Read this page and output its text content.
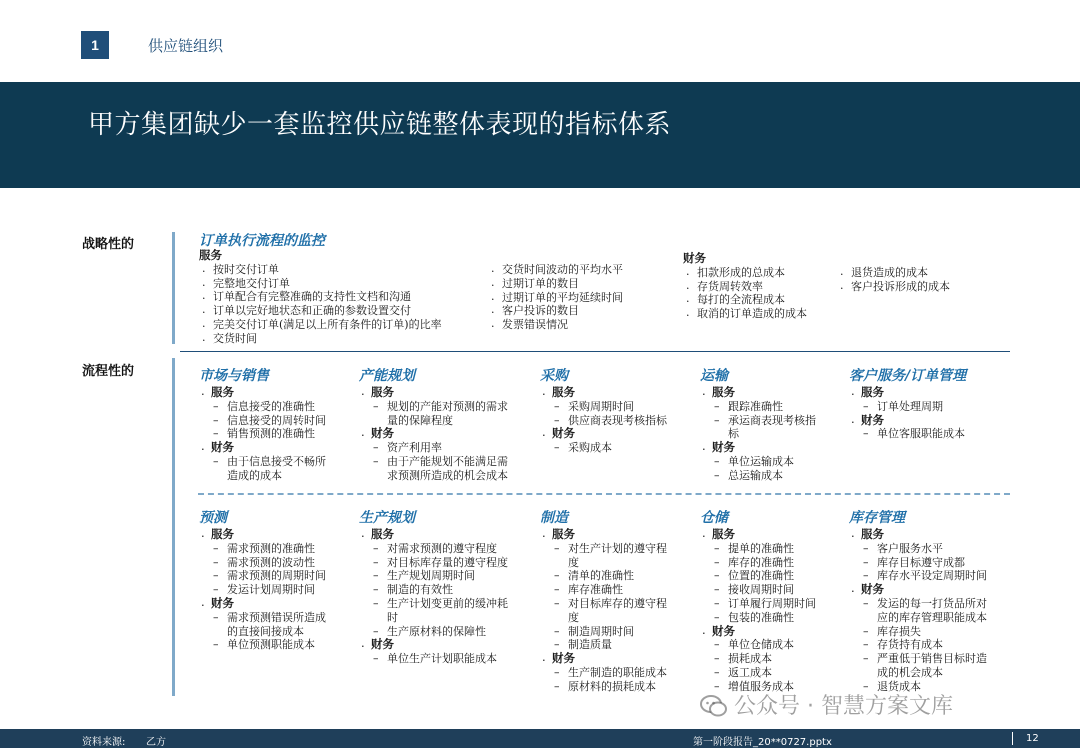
1	供应链组织
甲方集团缺少一套监控供应链整体表现的指标体系
战略性的
流程性的
订单执行流程的监控
服务
. 按时交付订单
. 完整地交付订单
. 订单配合有完整准确的支持性文档和沟通
. 订单以完好地状态和正确的参数设置交付
. 完美交付订单(满足以上所有条件的订单)的比率
. 交货时间
. 交货时间波动的平均水平
. 过期订单的数目
. 过期订单的平均延续时间
. 客户投诉的数目
. 发票错误情况
财务
. 扣款形成的总成本
. 存货周转效率
. 每打的全流程成本
. 取消的订单造成的成本
. 退货造成的成本
. 客户投诉形成的成本
市场与销售
. 服务
– 信息接受的准确性
– 信息接受的周转时间
– 销售预测的准确性
. 财务
– 由于信息接受不畅所
造成的成本
产能规划
. 服务
– 规划的产能对预测的需求
量的保障程度
. 财务
– 资产利用率
– 由于产能规划不能满足需
求预测所造成的机会成本
采购
. 服务
– 采购周期时间
– 供应商表现考核指标
. 财务
– 采购成本
运输
. 服务
– 跟踪准确性
– 承运商表现考核指
标
. 财务
– 单位运输成本
– 总运输成本
客户服务/订单管理
. 服务
– 订单处理周期
. 财务
– 单位客服职能成本
预测
. 服务
– 需求预测的准确性
– 需求预测的波动性
– 需求预测的周期时间
– 发运计划周期时间
. 财务
– 需求预测错误所造成
的直接间接成本
– 单位预测职能成本
生产规划
. 服务
– 对需求预测的遵守程度
– 对目标库存量的遵守程度
– 生产规划周期时间
– 制造的有效性
– 生产计划变更前的缓冲耗
时
– 生产原材料的保障性
. 财务
– 单位生产计划职能成本
制造
. 服务
– 对生产计划的遵守程
度
– 清单的准确性
– 库存准确性
– 对目标库存的遵守程
度
– 制造周期时间
– 制造质量
. 财务
– 生产制造的职能成本
– 原材料的损耗成本
仓储
. 服务
– 提单的准确性
– 库存的准确性
– 位置的准确性
– 接收周期时间
– 订单履行周期时间
– 包装的准确性
. 财务
– 单位仓储成本
– 损耗成本
– 返工成本
– 增值服务成本
库存管理
. 服务
– 客户服务水平
– 库存目标遵守成都
– 库存水平设定周期时间
. 财务
– 发运的每一打货品所对
应的库存管理职能成本
– 库存损失
– 存货持有成本
– 严重低于销售目标时造
成的机会成本
– 退货成本
公众号 · 智慧方案文库
资料来源: 乙方	第一阶段报告_20**0727.pptx	12
